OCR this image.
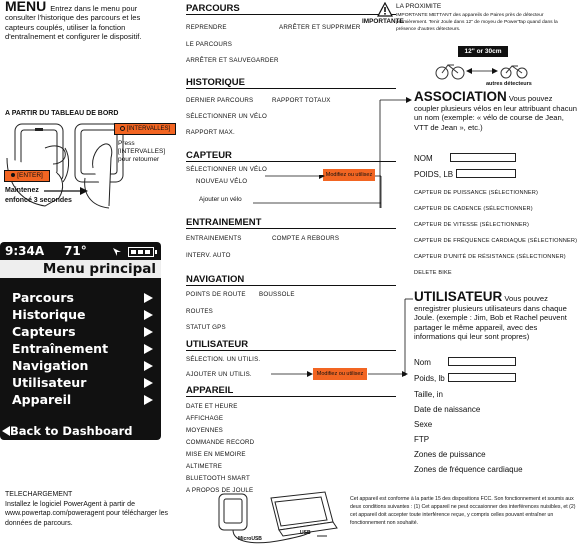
MENU Entrez dans le menu pour consulter l'historique des parcours et les capteurs couplés, utiliser la fonction d'entraînement et configurer le dispositif.

A PARTIR DU TABLEAU DE BORD
[INTERVALLES]
Press
[INTERVALLES]
pour retourner
[ENTER]
Maintenez
enfoncé 3 secondes
9:34A 71°
Menu principal
Parcours
Historique
Capteurs
Entraînement
Navigation
Utilisateur
Appareil
Back to Dashboard
TELECHARGEMENT
Installez le logiciel PowerAgent à partir de
www.powertap.com/poweragent pour télécharger les
données de parcours.
USB
MicroUSB
PARCOURS
REPRENDRE	ARRÊTER ET SUPPRIMER
LE PARCOURS
ARRÊTER ET SAUVEGARDER
HISTORIQUE
DERNIER PARCOURS	RAPPORT TOTAUX
SÉLECTIONNER UN VÉLO
RAPPORT MAX.
CAPTEUR
SÉLECTIONNER UN VÉLO
NOUVEAU VÉLO
Ajouter un vélo
Modifiez ou utilisez
ENTRAINEMENT
ENTRAINEMENTS	COMPTE A REBOURS
INTERV. AUTO
NAVIGATION
POINTS DE ROUTE BOUSSOLE
ROUTES
STATUT GPS
UTILISATEUR
SÉLECTION. UN UTILIS.
AJOUTER UN UTILIS.	Modifiez ou utilisez
APPAREIL
DATE ET HEURE
AFFICHAGE
MOYENNES
COMMANDE RECORD
MISE EN MEMOIRE
ALTIMETRE
BLUETOOTH SMART
A PROPOS DE JOULE
IMPORTANTE
LA PROXIMITE
IMPORTANTE METTANT des appareils de Paires près de détecteur premièrement. Tenir Joule dans 12" de moyeu de PowerTap quand dans la présence d'autres détecteurs.
12" or 30cm
autres détecteurs

ASSOCIATION Vous pouvez coupler plusieurs vélos en leur attribuant chacun un nom (exemple: « vélo de course de Jean, VTT de Jean », etc.)

NOM
POIDS, LB
CAPTEUR DE PUISSANCE (SÉLECTIONNER)
CAPTEUR DE CADENCE (SÉLECTIONNER)
CAPTEUR DE VITESSE (SÉLECTIONNER)
CAPTEUR DE FRÉQUENCE CARDIAQUE (SÉLECTIONNER)
CAPTEUR D'UNITÉ DE RÉSISTANCE (SÉLECTIONNER)
DELETE BIKE

UTILISATEUR Vous pouvez enregistrer plusieurs utilisateurs dans chaque Joule. (exemple : Jim, Bob et Rachel peuvent partager le même appareil, avec des informations qui leur sont propres)

Nom
Poids, lb
Taille, in
Date de naissance
Sexe
FTP
Zones de puissance
Zones de fréquence cardiaque
Cet appareil est conforme à la partie 15 des dispositions FCC. Son fonctionnement et soumis aux deux conditions suivantes : (1) Cet appareil ne peut occasionner des interférences nuisibles, et (2) cet appareil doit accepter toute interférence reçue, y compris celles pouvant entraîner un fonctionnement non souhaité.
